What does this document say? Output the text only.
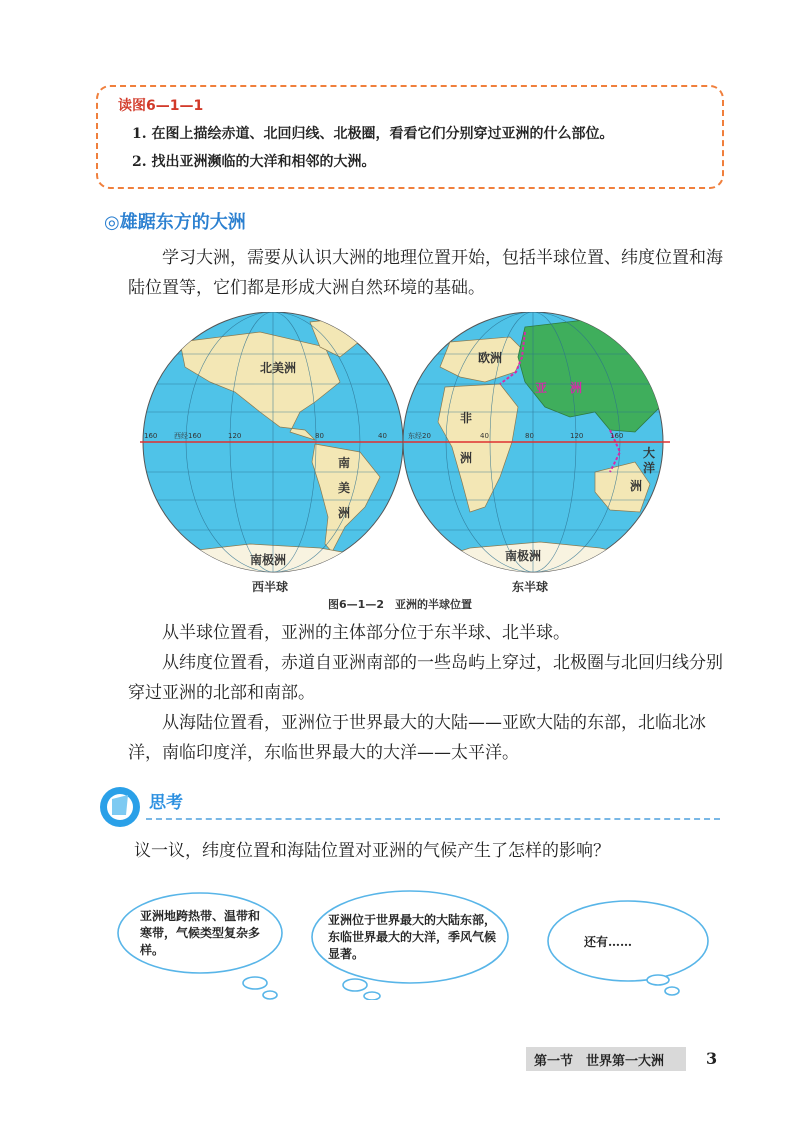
读图6—1—1
1. 在图上描绘赤道、北回归线、北极圈，看看它们分别穿过亚洲的什么部位。
2. 找出亚洲濒临的大洋和相邻的大洲。
◎雄踞东方的大洲
学习大洲，需要从认识大洲的地理位置开始，包括半球位置、纬度位置和海陆位置等，它们都是形成大洲自然环境的基础。
北美洲
南
美
洲
南极洲
欧洲
亚 洲
非
洲	大
洋
洲
南极洲
160 西经160	120	80	40	东经20	40	80	120	160
西半球	东半球
图6—1—2　亚洲的半球位置
从半球位置看，亚洲的主体部分位于东半球、北半球。
从纬度位置看，赤道自亚洲南部的一些岛屿上穿过，北极圈与北回归线分别穿过亚洲的北部和南部。
从海陆位置看，亚洲位于世界最大的大陆——亚欧大陆的东部，北临北冰洋，南临印度洋，东临世界最大的大洋——太平洋。
思考
议一议，纬度位置和海陆位置对亚洲的气候产生了怎样的影响？
亚洲地跨热带、温带和寒带，气候类型复杂多样。
亚洲位于世界最大的大陆东部，东临世界最大的大洋，季风气候显著。
还有……
第一节　世界第一大洲	3
